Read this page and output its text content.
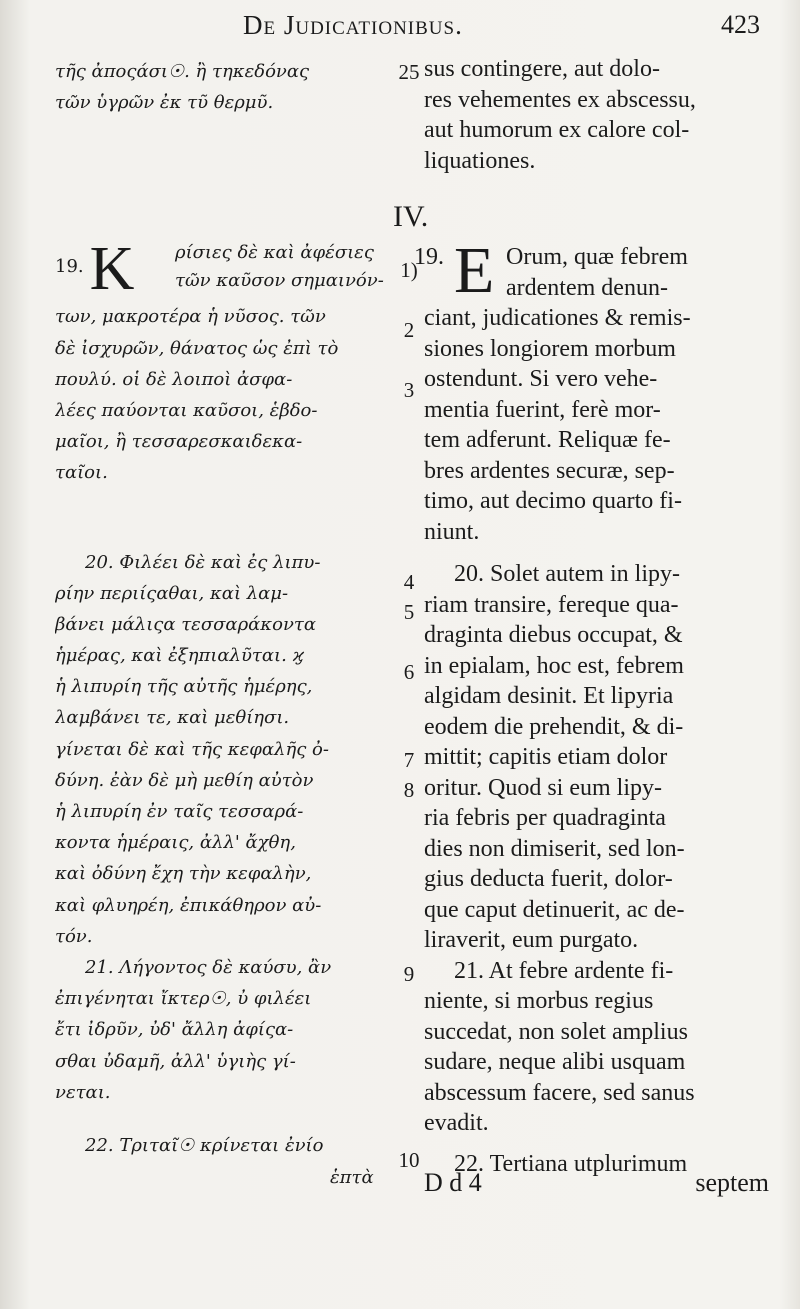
De Judicationibus.	423
τῆς ἀποςάσι☉. ἢ τηκεδόνας
τῶν ὑγρῶν ἐκ τῦ θερμῦ.
19. K ρίσιες δὲ καὶ ἀφέσιες
τῶν καῦσον σημαινόν-
των, μακροτέρα ἡ νῦσος. τῶν
δὲ ἰσχυρῶν, θάνατος ὡς ἐπὶ τὸ
πουλύ. οἱ δὲ λοιποὶ ἀσφα-
λέες παύονται καῦσοι, ἑβδο-
μαῖοι, ἢ τεσσαρεσκαιδεκα-
ταῖοι.
20. Φιλέει δὲ καὶ ἐς λιπυ-
ρίην περιίςαθαι, καὶ λαμ-
βάνει μάλιςα τεσσαράκοντα
ἡμέρας, καὶ ἐξηπιαλῦται. ϗ
ἡ λιπυρίη τῆς αὐτῆς ἡμέρης,
λαμβάνει τε, καὶ μεθίησι.
γίνεται δὲ καὶ τῆς κεφαλῆς ὀ-
δύνη. ἐὰν δὲ μὴ μεθίη αὐτὸν
ἡ λιπυρίη ἐν ταῖς τεσσαρά-
κοντα ἡμέραις, ἀλλ' ἄχθη,
καὶ ὀδύνη ἔχη τὴν κεφαλὴν,
καὶ φλυηρέη, ἐπικάθηρον αὐ-
τόν.
21. Λήγοντος δὲ καύσυ, ἂν
ἐπιγένηται ἴκτερ☉, ὐ φιλέει
ἔτι ἰδρῦν, ὐδ' ἄλλη ἀφίςα-
σθαι ὐδαμῆ, ἀλλ' ὑγιὴς γί-
νεται.
22. Τριταῖ☉ κρίνεται ἐνίο
ἑπτὰ
25
1)
2
3
4
5
6
7
8
9
10
IV.
sus contingere, aut dolo-
res vehementes ex abscessu,
aut humorum ex calore col-
liquationes.
19. E Orum, quæ febrem
ardentem denun-
ciant, judicationes & remis-
siones longiorem morbum
ostendunt. Si vero vehe-
mentia fuerint, ferè mor-
tem adferunt. Reliquæ fe-
bres ardentes securæ, sep-
timo, aut decimo quarto fi-
niunt.
20. Solet autem in lipy-
riam transire, fereque qua-
draginta diebus occupat, &
in epialam, hoc est, febrem
algidam desinit. Et lipyria
eodem die prehendit, & di-
mittit; capitis etiam dolor
oritur. Quod si eum lipy-
ria febris per quadraginta
dies non dimiserit, sed lon-
gius deducta fuerit, dolor-
que caput detinuerit, ac de-
liraverit, eum purgato.
21. At febre ardente fi-
niente, si morbus regius
succedat, non solet amplius
sudare, neque alibi usquam
abscessum facere, sed sanus
evadit.
22. Tertiana utplurimum
D d 4	septem
